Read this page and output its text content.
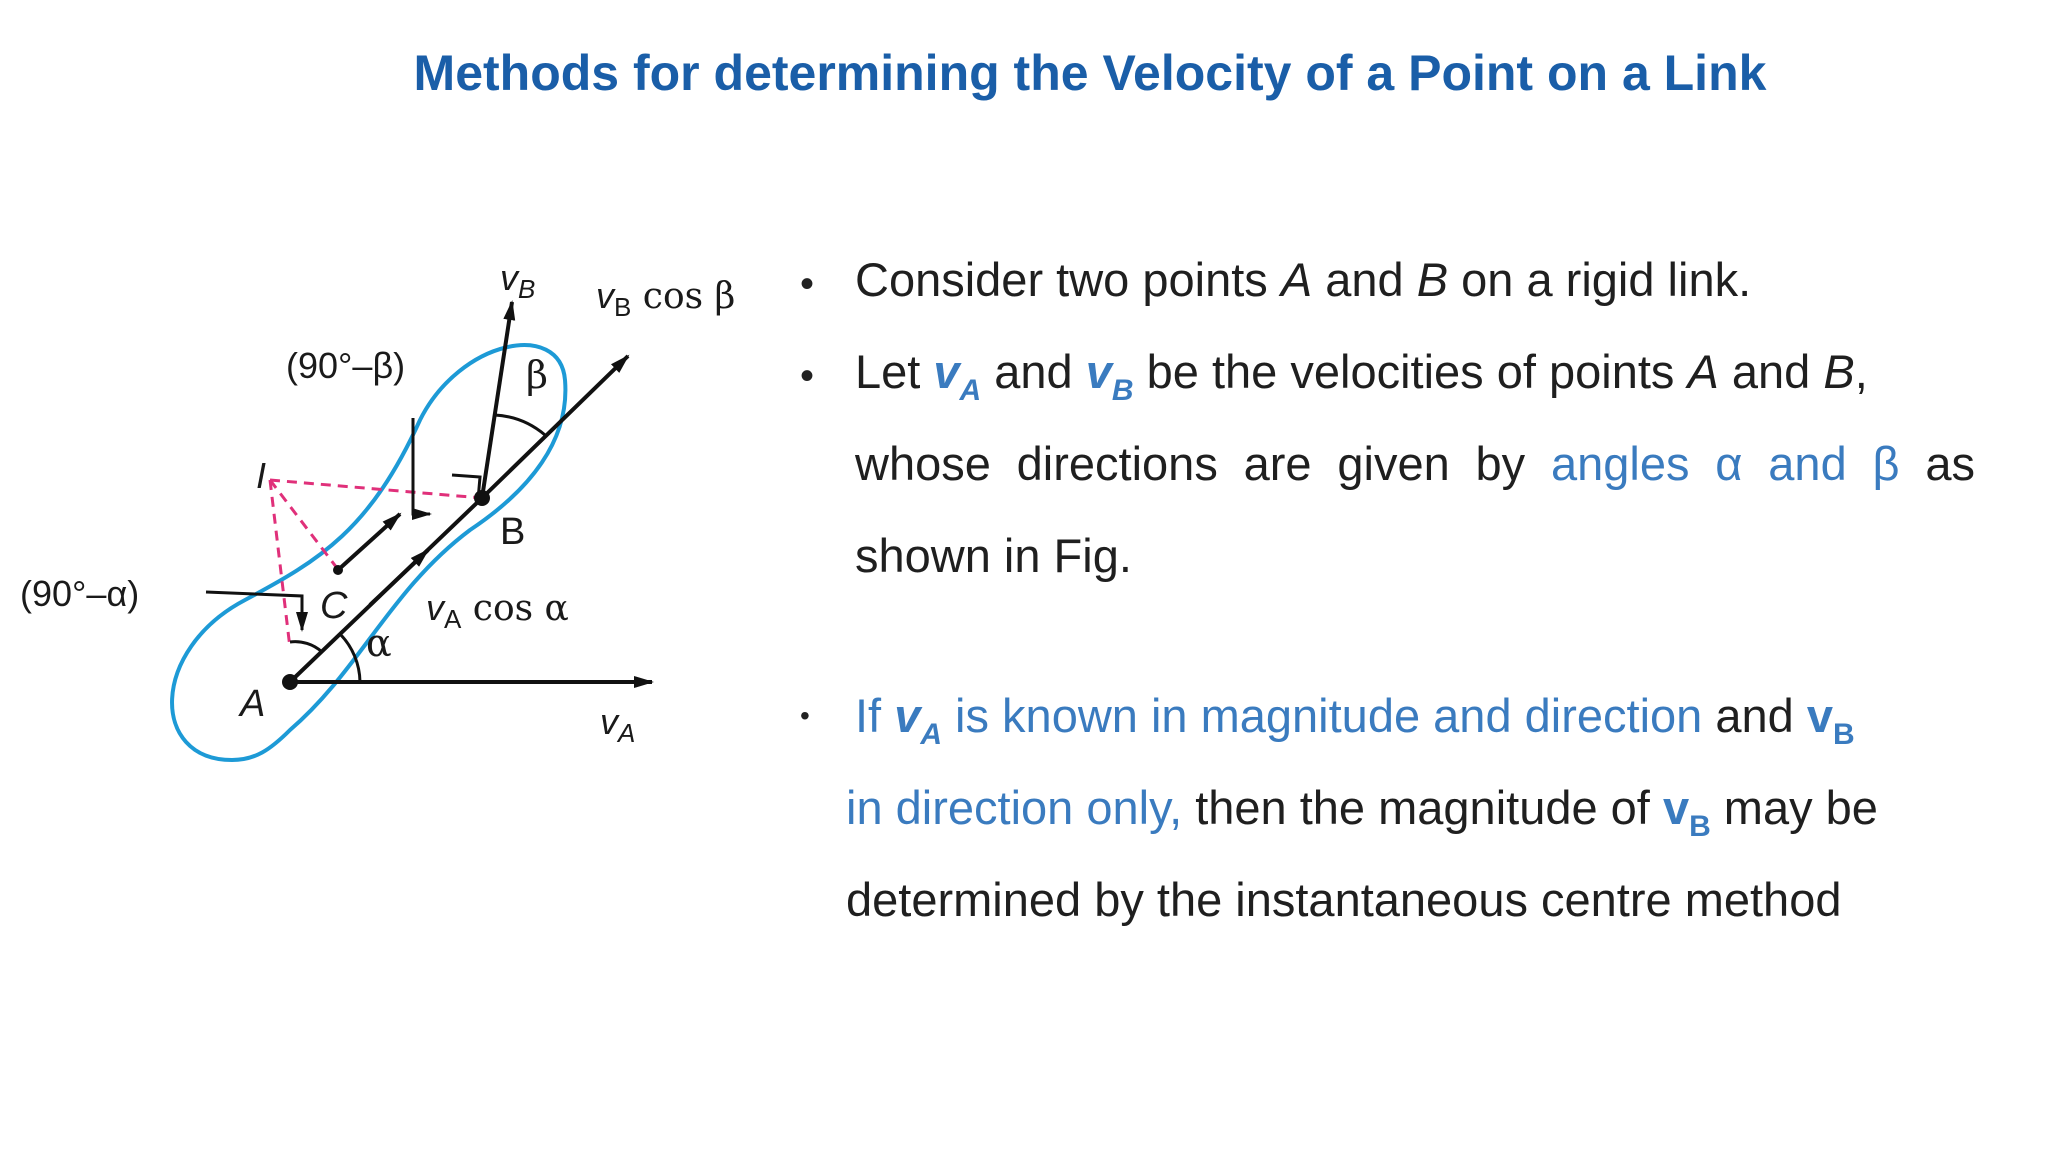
Methods for determining the Velocity of a Point on a Link
$v_B$ $v_B$ cos β
β
(90°–β)
(90°–α)
I
B
C
A
α
$v_A$ cos α
$v_A$
• Consider two points A and B on a rigid link.
• Let $v_A$ and $v_B$ be the velocities of points A and B,
whose directions are given by angles α and β as
shown in Fig.
• If $v_A$ is known in magnitude and direction and $v_B$
in direction only, then the magnitude of $v_B$ may be
determined by the instantaneous centre method
